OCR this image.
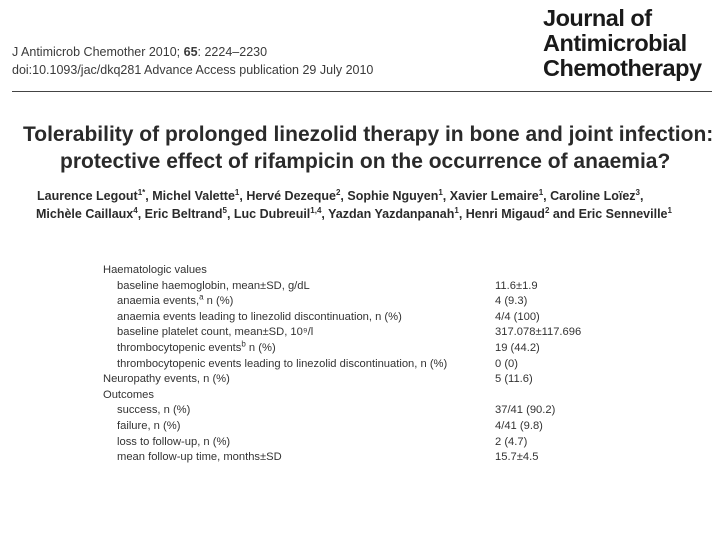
J Antimicrob Chemother 2010; 65: 2224–2230
doi:10.1093/jac/dkq281 Advance Access publication 29 July 2010
Journal of
Antimicrobial
Chemotherapy
Tolerability of prolonged linezolid therapy in bone and joint infection:
protective effect of rifampicin on the occurrence of anaemia?
Laurence Legout$^{1*}$, Michel Valette$^1$, Hervé Dezeque$^2$, Sophie Nguyen$^1$, Xavier Lemaire$^1$, Caroline Loïez$^3$,
Michèle Caillaux$^4$, Eric Beltrand$^5$, Luc Dubreuil$^{1,4}$, Yazdan Yazdanpanah$^1$, Henri Migaud$^2$ and Eric Senneville$^1$
Haematologic values
baseline haemoglobin, mean±SD, g/dL	11.6±1.9
anaemia events,$^a$ n (%)	4 (9.3)
anaemia events leading to linezolid discontinuation, n (%)	4/4 (100)
baseline platelet count, mean±SD, 10⁹/l	317.078±117.696
thrombocytopenic events$^b$ n (%)	19 (44.2)
thrombocytopenic events leading to linezolid discontinuation, n (%)	0 (0)
Neuropathy events, n (%)	5 (11.6)
Outcomes
success, n (%)	37/41 (90.2)
failure, n (%)	4/41 (9.8)
loss to follow-up, n (%)	2 (4.7)
mean follow-up time, months±SD	15.7±4.5
